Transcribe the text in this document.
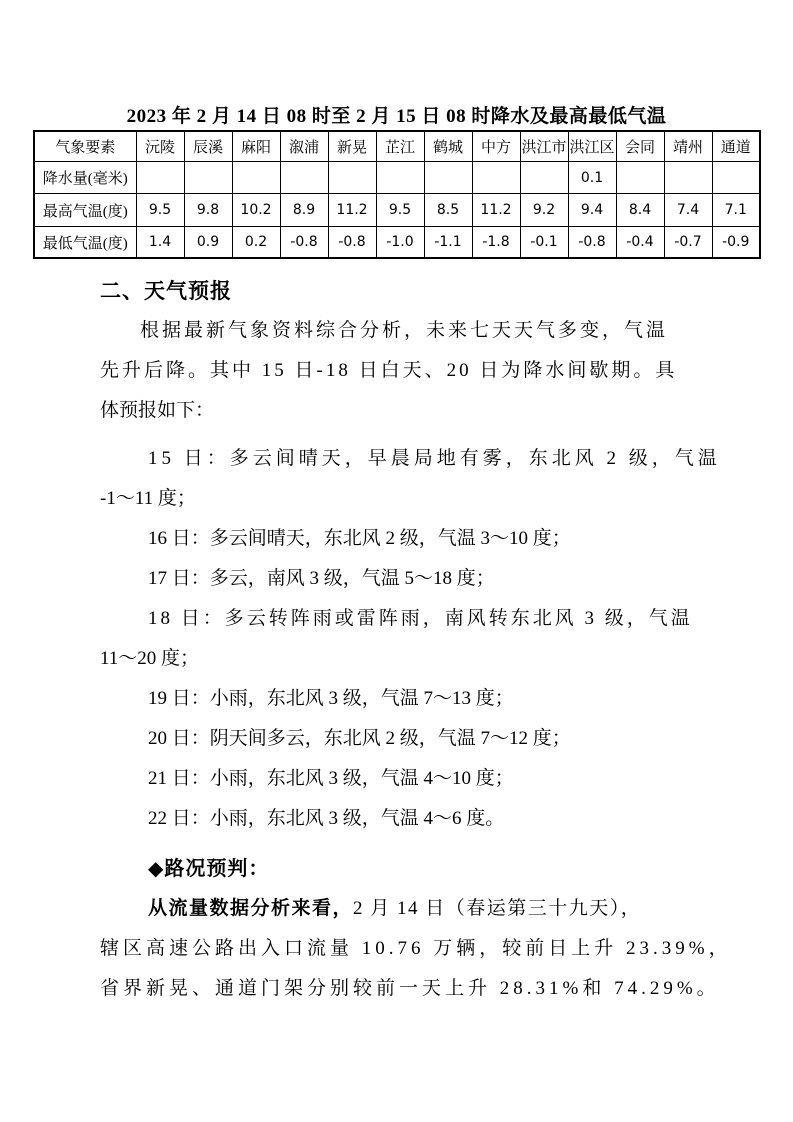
2023 年 2 月 14 日 08 时至 2 月 15 日 08 时降水及最高最低气温
气象要素	沅陵	辰溪	麻阳	溆浦	新晃	芷江	鹤城	中方	洪江市	洪江区	会同	靖州	通道
降水量(毫米)										0.1			
最高气温(度)	9.5	9.8	10.2	8.9	11.2	9.5	8.5	11.2	9.2	9.4	8.4	7.4	7.1
最低气温(度)	1.4	0.9	0.2	-0.8	-0.8	-1.0	-1.1	-1.8	-0.1	-0.8	-0.4	-0.7	-0.9
二、天气预报
根据最新气象资料综合分析，未来七天天气多变，气温
先升后降。其中 15 日-18 日白天、20 日为降水间歇期。具
体预报如下：
15 日：多云间晴天，早晨局地有雾，东北风 2 级，气温
-1～11 度；
16 日：多云间晴天，东北风 2 级，气温 3～10 度；
17 日：多云，南风 3 级，气温 5～18 度；
18 日：多云转阵雨或雷阵雨，南风转东北风 3 级，气温
11～20 度；
19 日：小雨，东北风 3 级，气温 7～13 度；
20 日：阴天间多云，东北风 2 级，气温 7～12 度；
21 日：小雨，东北风 3 级，气温 4～10 度；
22 日：小雨，东北风 3 级，气温 4～6 度。
◆路况预判：
从流量数据分析来看，2 月 14 日（春运第三十九天），
辖区高速公路出入口流量 10.76 万辆，较前日上升 23.39%，
省界新晃、通道门架分别较前一天上升 28.31%和 74.29%。
